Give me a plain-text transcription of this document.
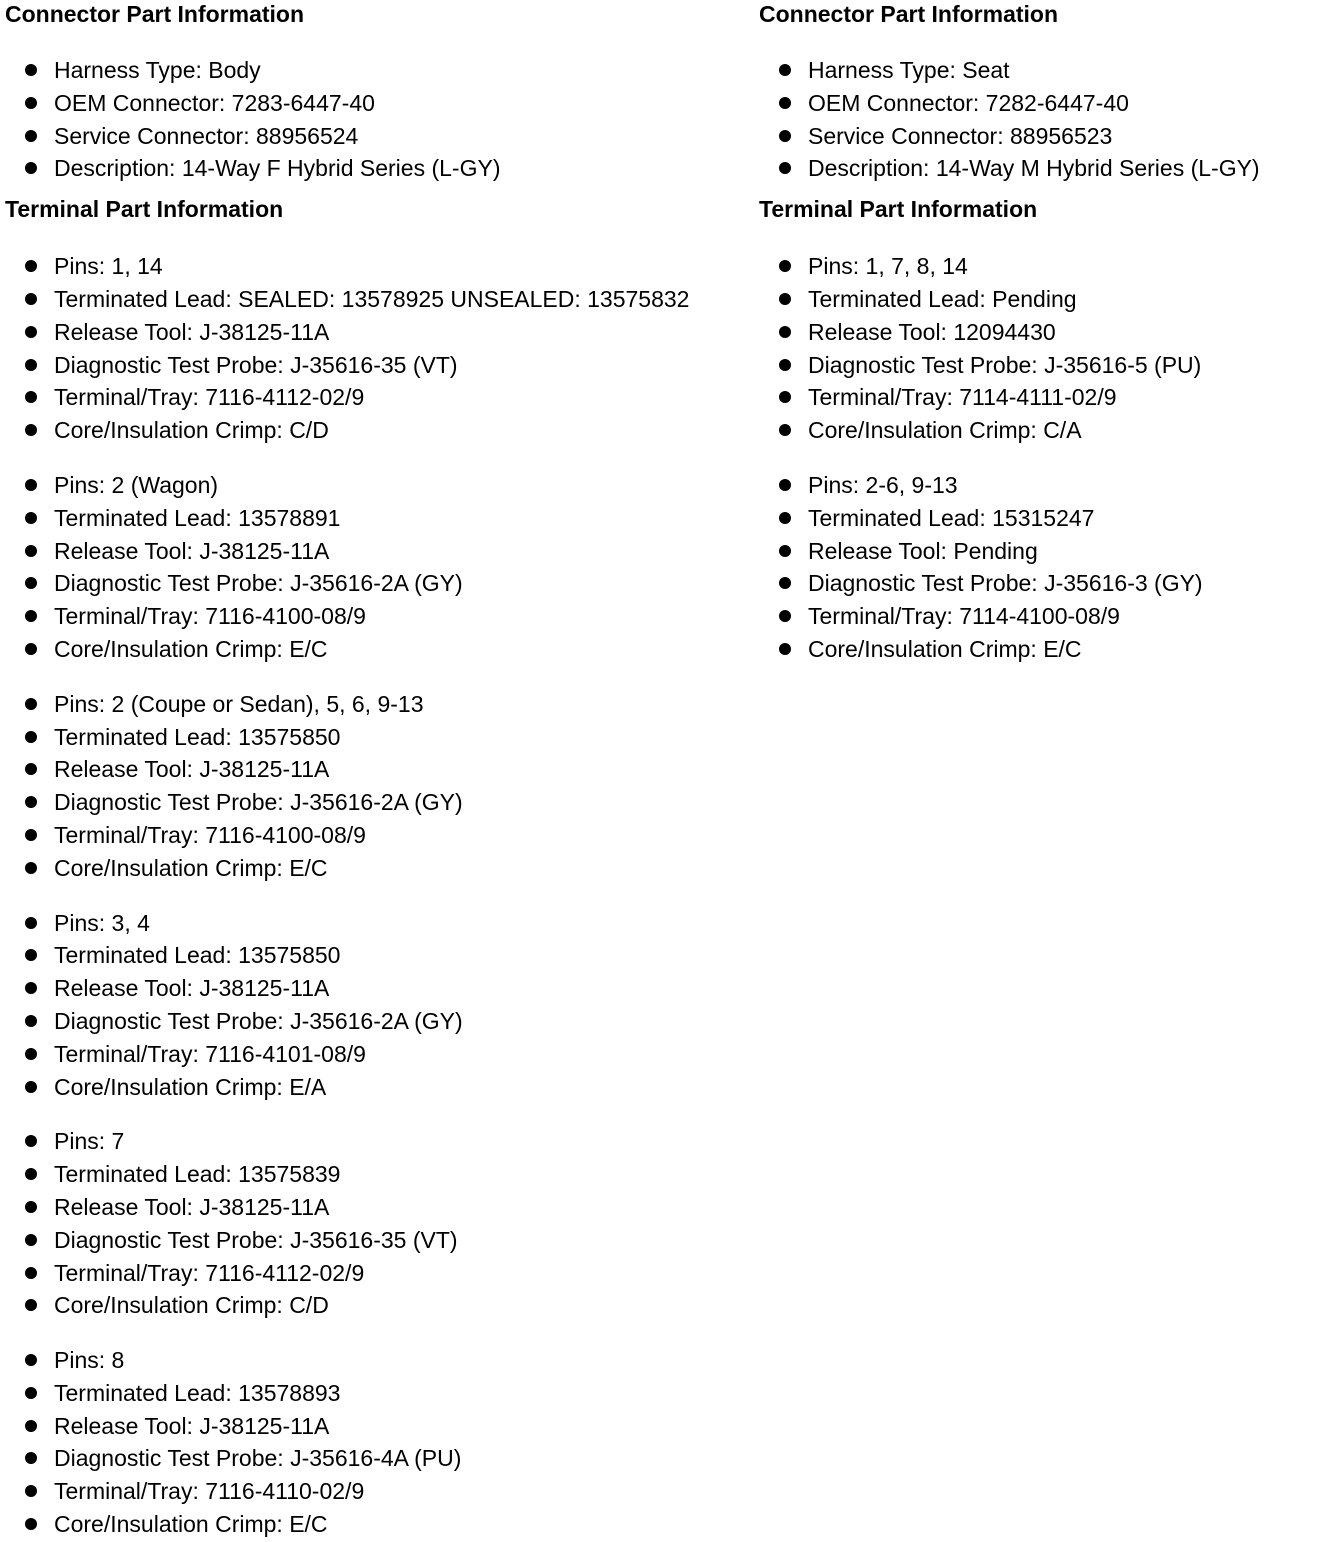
Connector Part Information
Harness Type: Body
OEM Connector: 7283-6447-40
Service Connector: 88956524
Description: 14-Way F Hybrid Series (L-GY)
Terminal Part Information
Pins: 1, 14
Terminated Lead: SEALED: 13578925 UNSEALED: 13575832
Release Tool: J-38125-11A
Diagnostic Test Probe: J-35616-35 (VT)
Terminal/Tray: 7116-4112-02/9
Core/Insulation Crimp: C/D
Pins: 2 (Wagon)
Terminated Lead: 13578891
Release Tool: J-38125-11A
Diagnostic Test Probe: J-35616-2A (GY)
Terminal/Tray: 7116-4100-08/9
Core/Insulation Crimp: E/C
Pins: 2 (Coupe or Sedan), 5, 6, 9-13
Terminated Lead: 13575850
Release Tool: J-38125-11A
Diagnostic Test Probe: J-35616-2A (GY)
Terminal/Tray: 7116-4100-08/9
Core/Insulation Crimp: E/C
Pins: 3, 4
Terminated Lead: 13575850
Release Tool: J-38125-11A
Diagnostic Test Probe: J-35616-2A (GY)
Terminal/Tray: 7116-4101-08/9
Core/Insulation Crimp: E/A
Pins: 7
Terminated Lead: 13575839
Release Tool: J-38125-11A
Diagnostic Test Probe: J-35616-35 (VT)
Terminal/Tray: 7116-4112-02/9
Core/Insulation Crimp: C/D
Pins: 8
Terminated Lead: 13578893
Release Tool: J-38125-11A
Diagnostic Test Probe: J-35616-4A (PU)
Terminal/Tray: 7116-4110-02/9
Core/Insulation Crimp: E/C
Connector Part Information
Harness Type: Seat
OEM Connector: 7282-6447-40
Service Connector: 88956523
Description: 14-Way M Hybrid Series (L-GY)
Terminal Part Information
Pins: 1, 7, 8, 14
Terminated Lead: Pending
Release Tool: 12094430
Diagnostic Test Probe: J-35616-5 (PU)
Terminal/Tray: 7114-4111-02/9
Core/Insulation Crimp: C/A
Pins: 2-6, 9-13
Terminated Lead: 15315247
Release Tool: Pending
Diagnostic Test Probe: J-35616-3 (GY)
Terminal/Tray: 7114-4100-08/9
Core/Insulation Crimp: E/C
